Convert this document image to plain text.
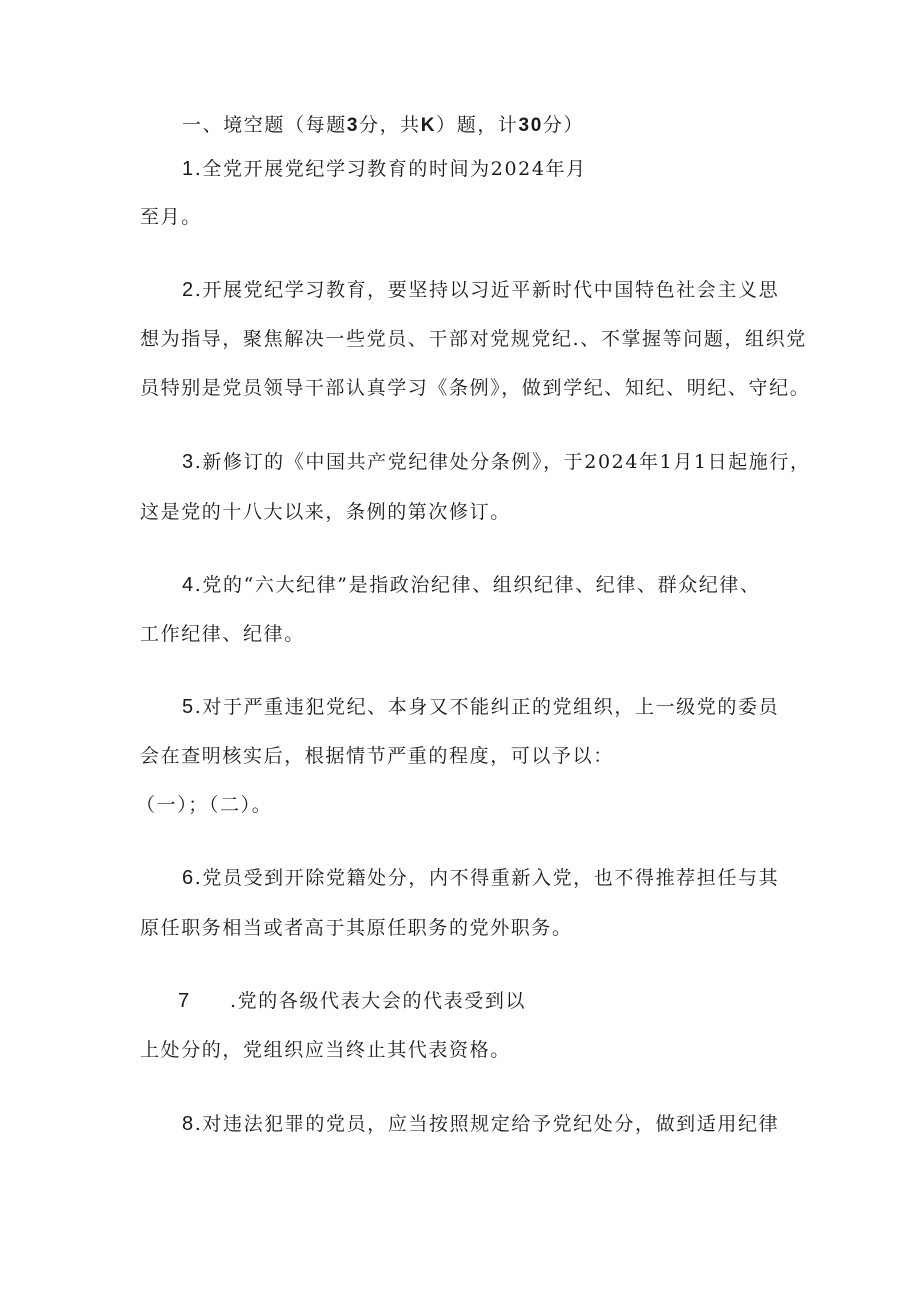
一、境空题（每题3分，共K）题，计30分）
1.全党开展党纪学习教育的时间为2024年月
至月。
2.开展党纪学习教育，要坚持以习近平新时代中国特色社会主义思
想为指导，聚焦解决一些党员、干部对党规党纪.、不掌握等问题，组织党
员特别是党员领导干部认真学习《条例》，做到学纪、知纪、明纪、守纪。
3.新修订的《中国共产党纪律处分条例》，于2024年1月1日起施行，
这是党的十八大以来，条例的第次修订。
4.党的“六大纪律”是指政治纪律、组织纪律、纪律、群众纪律、
工作纪律、纪律。
5.对于严重违犯党纪、本身又不能纠正的党组织，上一级党的委员
会在查明核实后，根据情节严重的程度，可以予以：
（一）；（二）。
6.党员受到开除党籍处分，内不得重新入党，也不得推荐担任与其
原任职务相当或者高于其原任职务的党外职务。
7 .党的各级代表大会的代表受到以
上处分的，党组织应当终止其代表资格。
8.对违法犯罪的党员，应当按照规定给予党纪处分，做到适用纪律
